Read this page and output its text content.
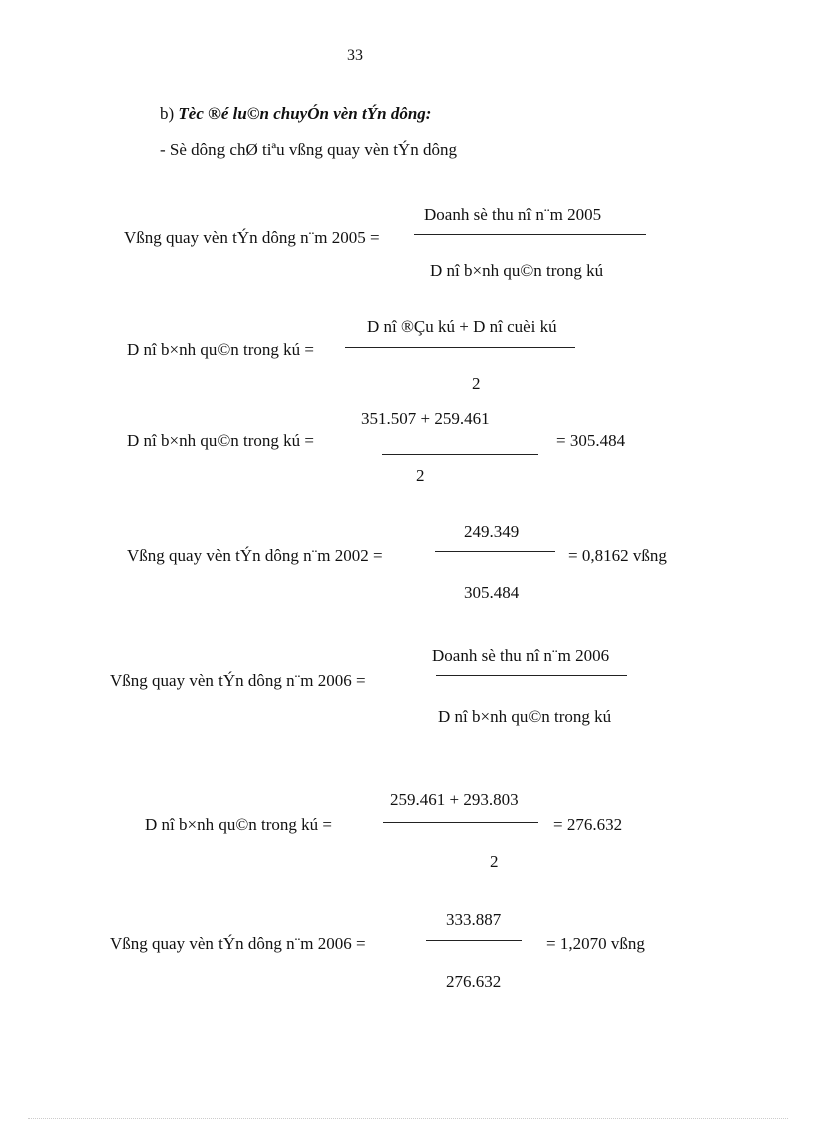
33
b) Tèc ®é lu©n chuyÓn vèn tÝn dông:
- Sè dông chØ tiªu vßng quay vèn tÝn dông
Vßng quay vèn tÝn dông n¨m 2005 =
Doanh sè thu nî n¨m 2005
D nî b×nh qu©n trong kú
D nî b×nh qu©n trong kú =
D nî ®Çu kú + D nî cuèi kú
2
D nî b×nh qu©n trong kú =
351.507 + 259.461
2
= 305.484
Vßng quay vèn tÝn dông n¨m 2002 =
249.349
305.484
= 0,8162 vßng
Vßng quay vèn tÝn dông n¨m 2006 =
Doanh sè thu nî n¨m 2006
D nî b×nh qu©n trong kú
D nî b×nh qu©n trong kú =
259.461 + 293.803
2
= 276.632
Vßng quay vèn tÝn dông n¨m 2006 =
333.887
276.632
= 1,2070 vßng
